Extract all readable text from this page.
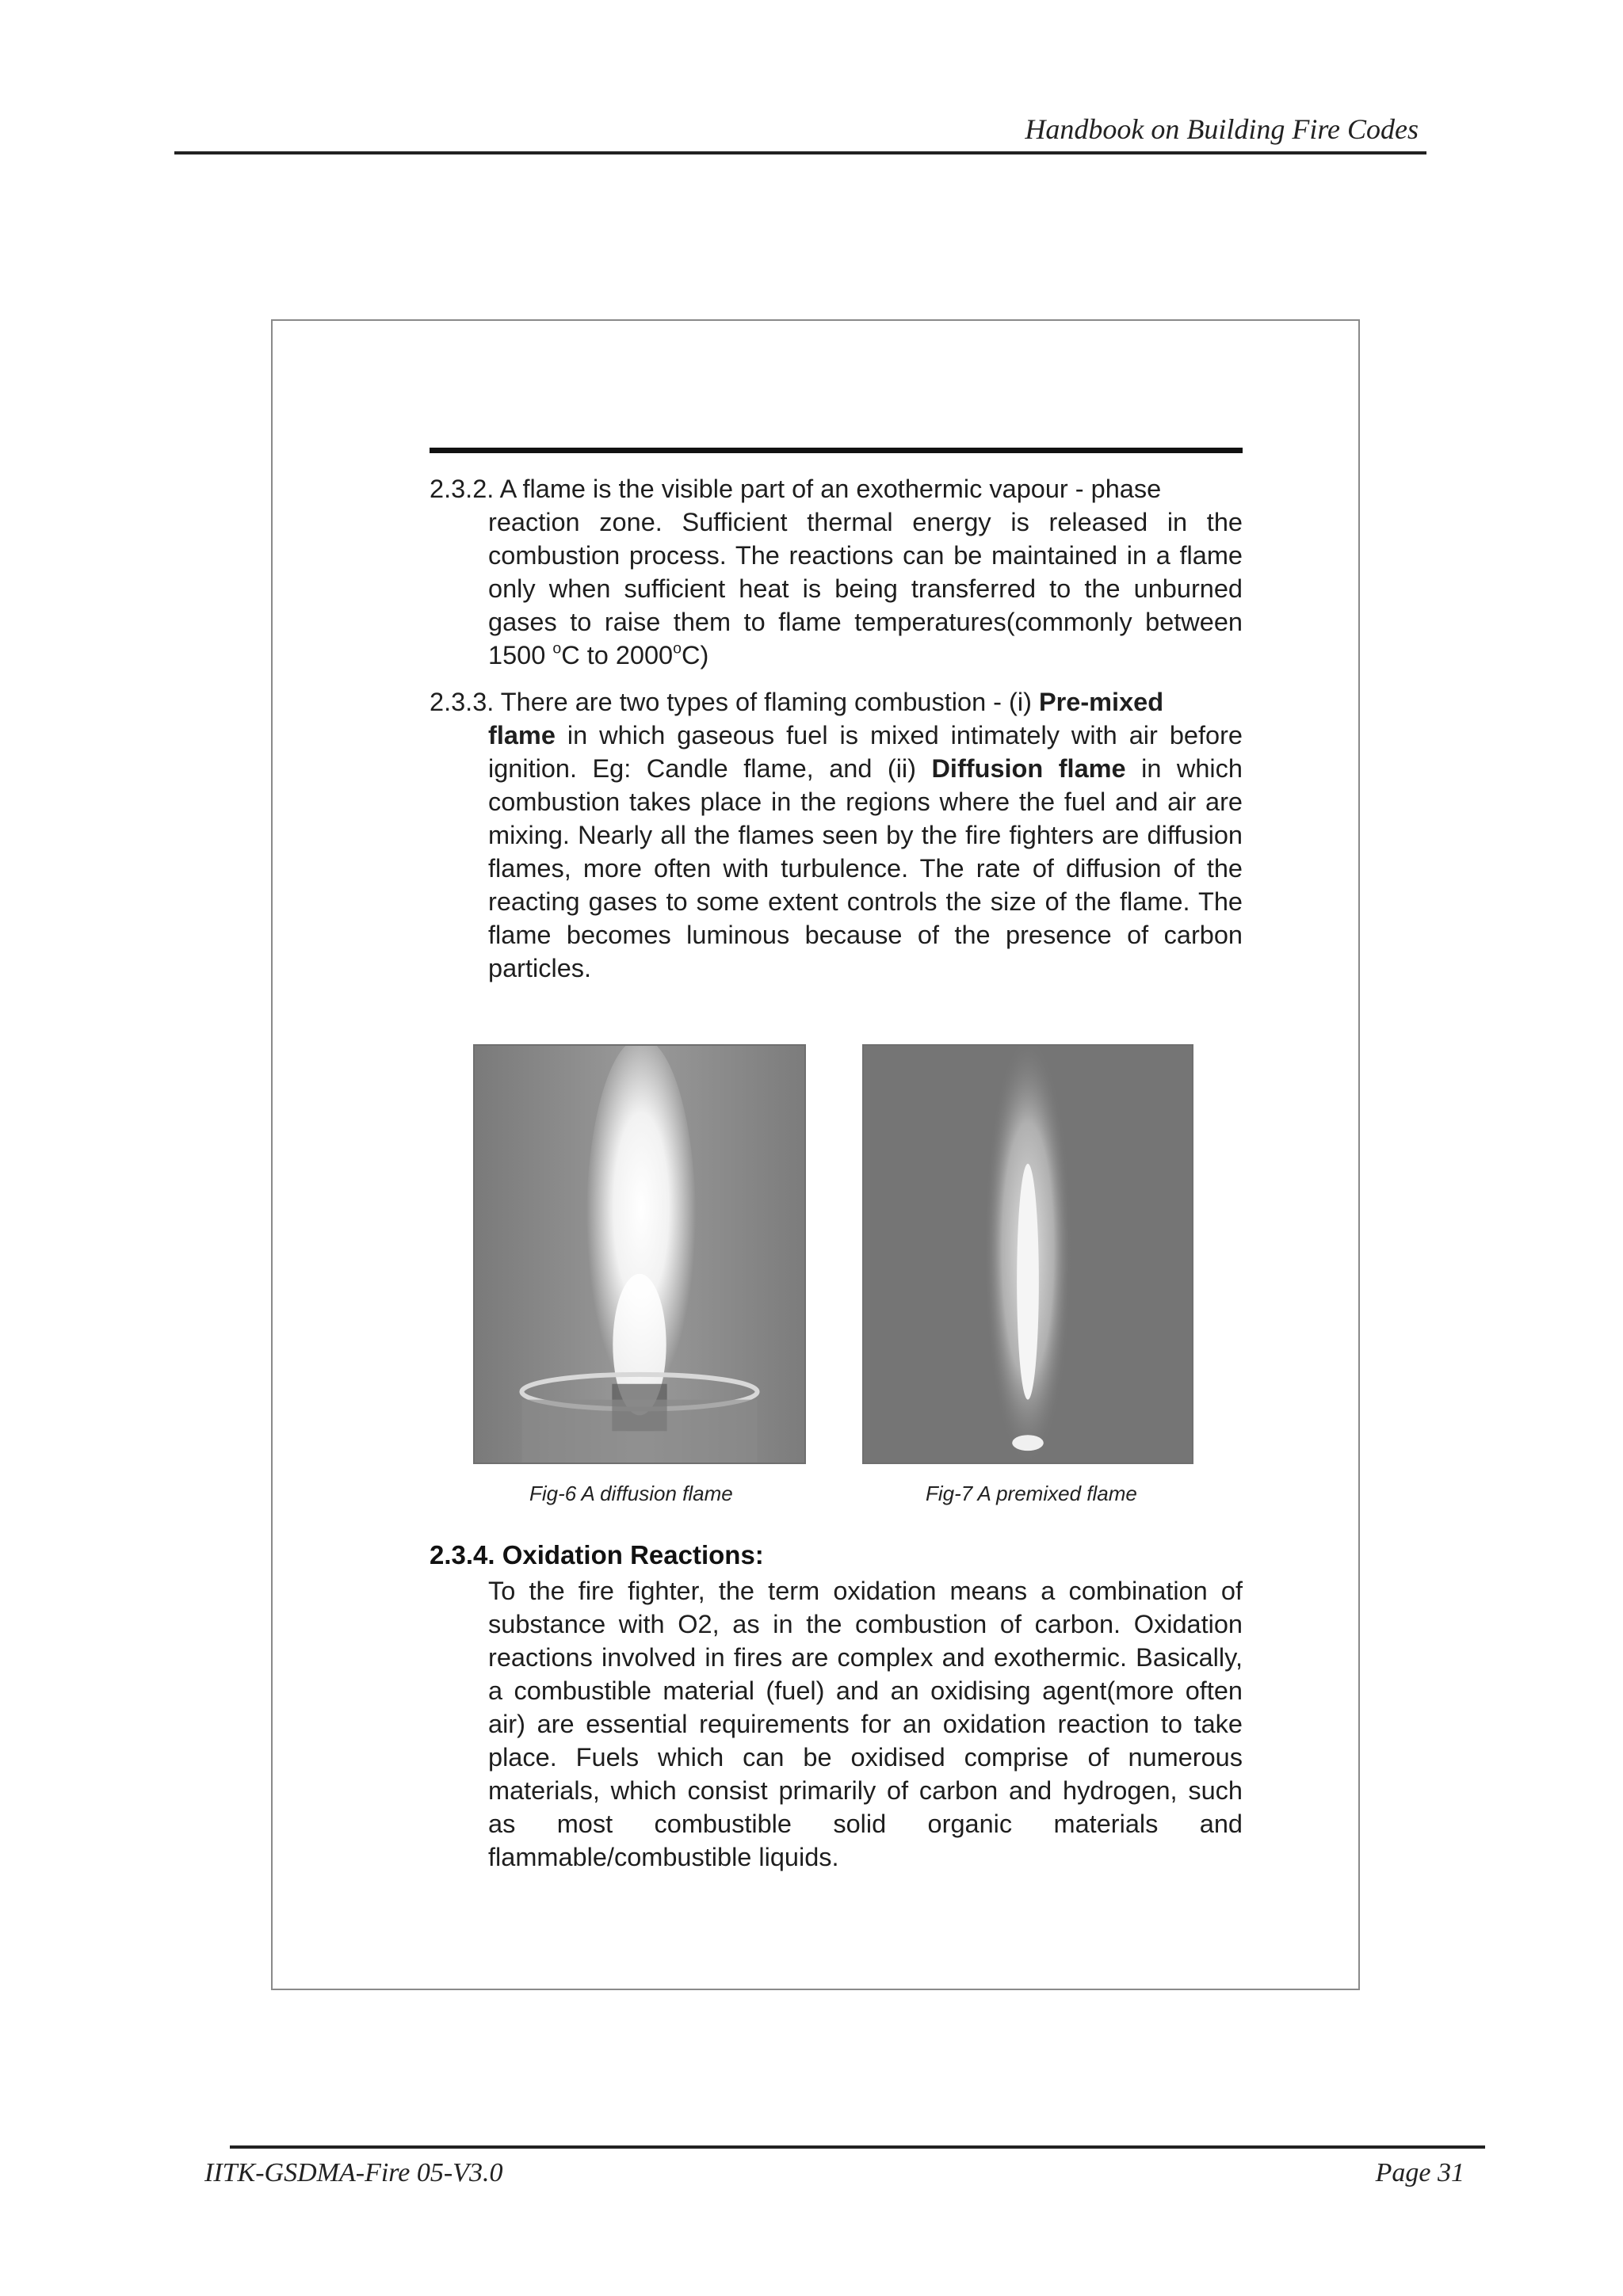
Handbook on Building Fire Codes
2.3.2. A flame is the visible part of an exothermic vapour - phase
reaction zone. Sufficient thermal energy is released in the combustion process. The reactions can be maintained in a flame only when sufficient heat is being transferred to the unburned gases to raise them to flame temperatures(commonly between 1500 $^o$C to 2000$^o$C)
2.3.3. There are two types of flaming combustion - (i) Pre-mixed
flame in which gaseous fuel is mixed intimately with air before ignition. Eg: Candle flame, and (ii) Diffusion flame in which combustion takes place in the regions where the fuel and air are mixing. Nearly all the flames seen by the fire fighters are diffusion flames, more often with turbulence. The rate of diffusion of the reacting gases to some extent controls the size of the flame. The flame becomes luminous because of the presence of carbon particles.
Fig-6 A diffusion flame	Fig-7 A premixed flame
2.3.4. Oxidation Reactions:
To the fire fighter, the term oxidation means a combination of substance with O2, as in the combustion of carbon. Oxidation reactions involved in fires are complex and exothermic. Basically, a combustible material (fuel) and an oxidising agent(more often air) are essential requirements for an oxidation reaction to take place. Fuels which can be oxidised comprise of numerous materials, which consist primarily of carbon and hydrogen, such as most combustible solid organic materials and flammable/combustible liquids.
IITK-GSDMA-Fire 05-V3.0	Page 31
